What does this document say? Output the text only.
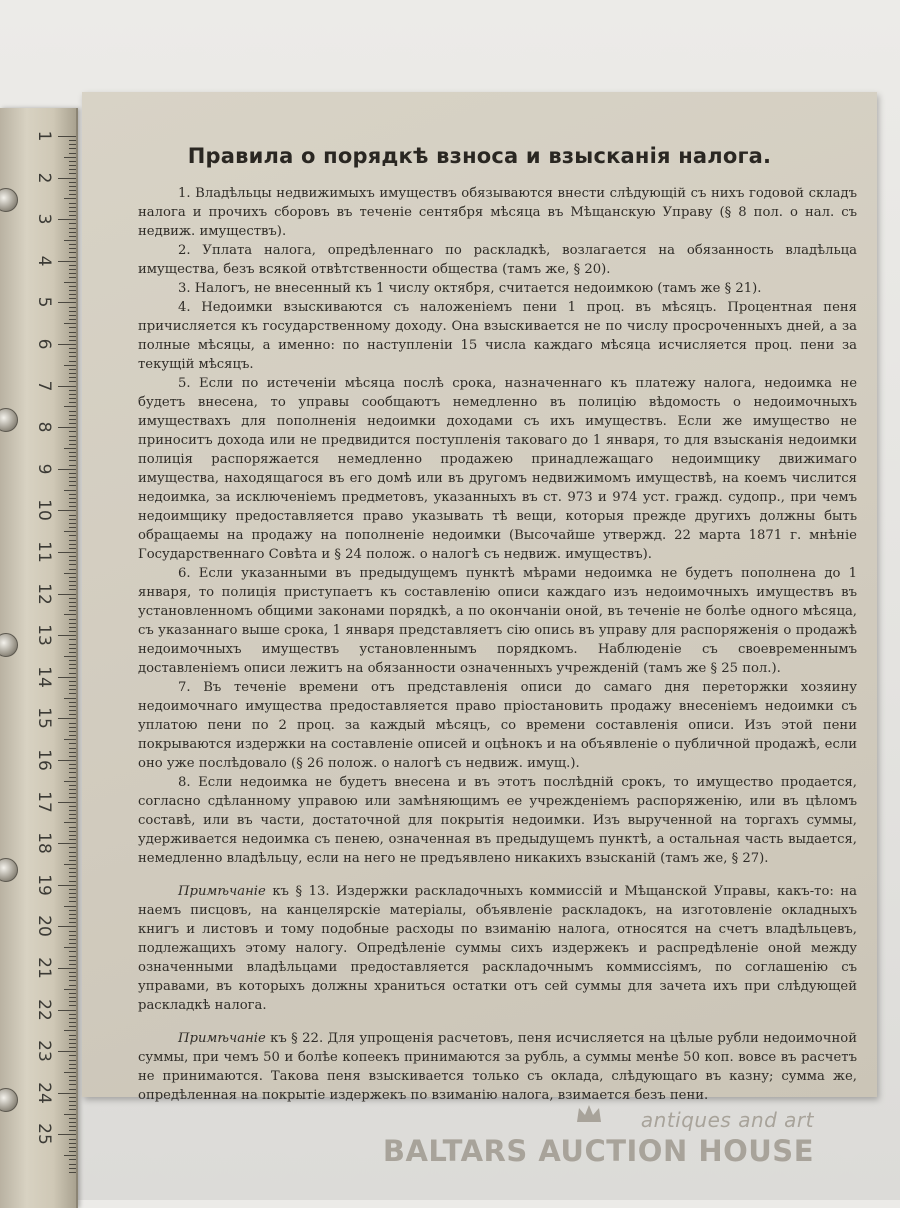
1
2
3
4
5
6
7
8
9
10
11
12
13
14
15
16
17
18
19
20
21
22
23
24
25
Правила о порядкѣ взноса и взысканія налога.

1. Владѣльцы недвижимыхъ имуществъ обязываются внести слѣдующій съ нихъ годовой складъ налога и прочихъ сборовъ въ теченіе сентября мѣсяца въ Мѣщанскую Управу (§ 8 пол. о нал. съ недвиж. имуществъ).

2. Уплата налога, опредѣленнаго по раскладкѣ, возлагается на обязанность владѣльца имущества, безъ всякой отвѣтственности общества (тамъ же, § 20).

3. Налогъ, не внесенный къ 1 числу октября, считается недоимкою (тамъ же § 21).

4. Недоимки взыскиваются съ наложеніемъ пени 1 проц. въ мѣсяцъ. Процентная пеня причисляется къ государственному доходу. Она взыскивается не по числу просроченныхъ дней, а за полные мѣсяцы, а именно: по наступленіи 15 числа каждаго мѣсяца исчисляется проц. пени за текущій мѣсяцъ.

5. Если по истеченіи мѣсяца послѣ срока, назначеннаго къ платежу налога, недоимка не будетъ внесена, то управы сообщаютъ немедленно въ полицію вѣдомость о недоимочныхъ имуществахъ для пополненія недоимки доходами съ ихъ имуществъ. Если же имущество не приноситъ дохода или не предвидится поступленія таковаго до 1 января, то для взысканія недоимки полиція распоряжается немедленно продажею принадлежащаго недоимщику движимаго имущества, находящагося въ его домѣ или въ другомъ недвижимомъ имуществѣ, на коемъ числится недоимка, за исключеніемъ предметовъ, указанныхъ въ ст. 973 и 974 уст. гражд. судопр., при чемъ недоимщику предоставляется право указывать тѣ вещи, которыя прежде другихъ должны быть обращаемы на продажу на пополненіе недоимки (Высочайше утвержд. 22 марта 1871 г. мнѣніе Государственнаго Совѣта и § 24 полож. о налогѣ съ недвиж. имуществъ).

6. Если указанными въ предыдущемъ пунктѣ мѣрами недоимка не будетъ пополнена до 1 января, то полиція приступаетъ къ составленію описи каждаго изъ недоимочныхъ имуществъ въ установленномъ общими законами порядкѣ, а по окончаніи оной, въ теченіе не болѣе одного мѣсяца, съ указаннаго выше срока, 1 января представляетъ сію опись въ управу для распоряженія о продажѣ недоимочныхъ имуществъ установленнымъ порядкомъ. Наблюденіе съ своевременнымъ доставленіемъ описи лежитъ на обязанности означенныхъ учрежденій (тамъ же § 25 пол.).

7. Въ теченіе времени отъ представленія описи до самаго дня переторжки хозяину недоимочнаго имущества предоставляется право пріостановить продажу внесеніемъ недоимки съ уплатою пени по 2 проц. за каждый мѣсяцъ, со времени составленія описи. Изъ этой пени покрываются издержки на составленіе описей и оцѣнокъ и на объявленіе о публичной продажѣ, если оно уже послѣдовало (§ 26 полож. о налогѣ съ недвиж. имущ.).

8. Если недоимка не будетъ внесена и въ этотъ послѣдній срокъ, то имущество продается, согласно сдѣланному управою или замѣняющимъ ее учрежденіемъ распоряженію, или въ цѣломъ составѣ, или въ части, достаточной для покрытія недоимки. Изъ вырученной на торгахъ суммы, удерживается недоимка съ пенею, означенная въ предыдущемъ пунктѣ, а остальная часть выдается, немедленно владѣльцу, если на него не предъявлено никакихъ взысканій (тамъ же, § 27).

Примѣчаніе къ § 13. Издержки раскладочныхъ коммиссій и Мѣщанской Управы, какъ-то: на наемъ писцовъ, на канцелярскіе матеріалы, объявленіе раскладокъ, на изготовленіе окладныхъ книгъ и листовъ и тому подобные расходы по взиманію налога, относятся на счетъ владѣльцевъ, подлежащихъ этому налогу. Опредѣленіе суммы сихъ издержекъ и распредѣленіе оной между означенными владѣльцами предоставляется раскладочнымъ коммиссіямъ, по соглашенію съ управами, въ которыхъ должны храниться остатки отъ сей суммы для зачета ихъ при слѣдующей раскладкѣ налога.

Примѣчаніе къ § 22. Для упрощенія расчетовъ, пеня исчисляется на цѣлые рубли недоимочной суммы, при чемъ 50 и болѣе копеекъ принимаются за рубль, а суммы менѣе 50 коп. вовсе въ расчетъ не принимаются. Такова пеня взыскивается только съ оклада, слѣдующаго въ казну; сумма же, опредѣленная на покрытіе издержекъ по взиманію налога, взимается безъ пени.

antiques and art
BALTARS AUCTION HOUSE
